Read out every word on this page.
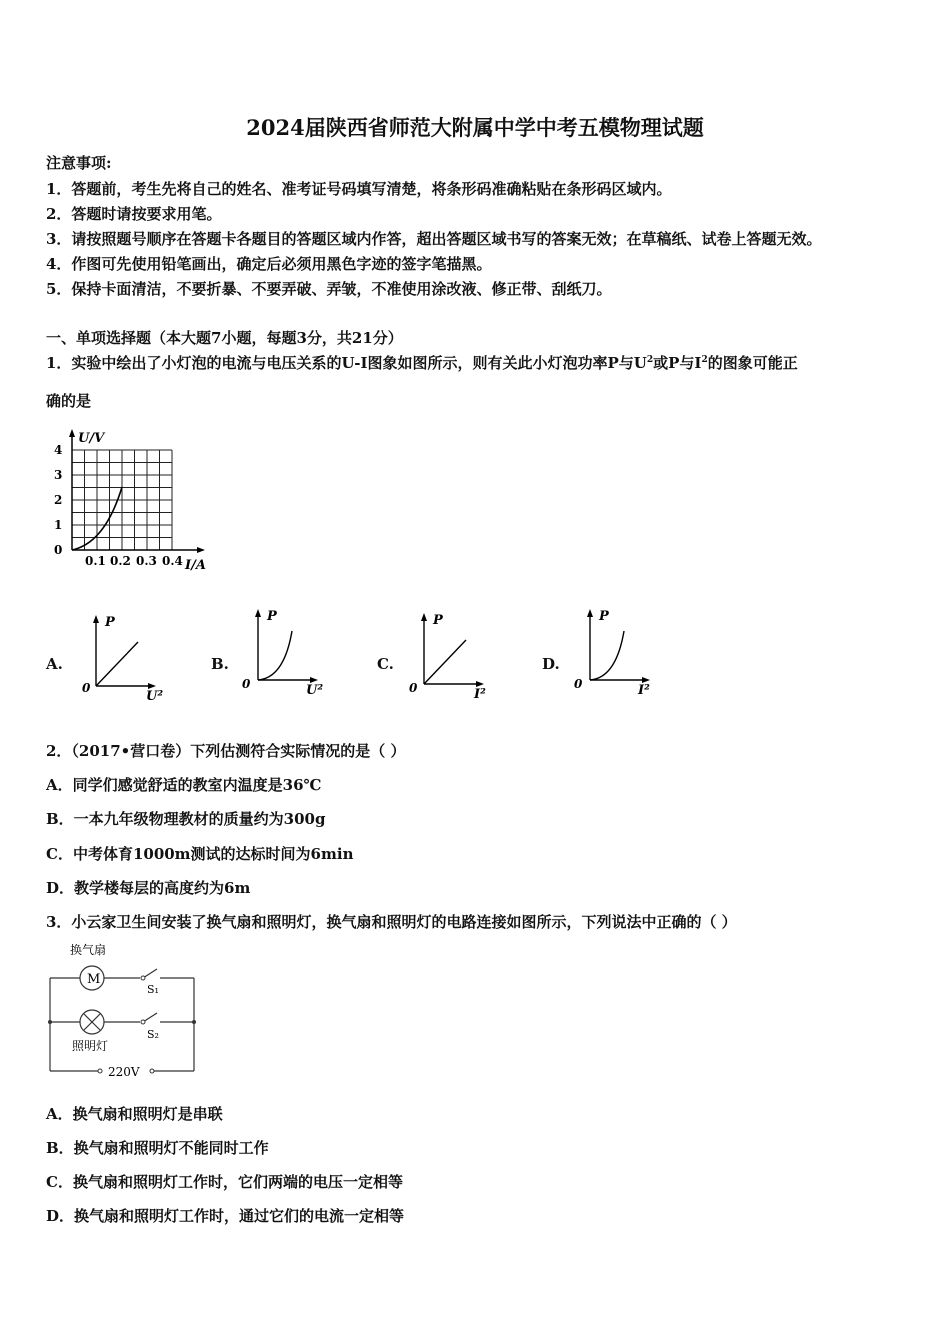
2024届陕西省师范大附属中学中考五模物理试题
注意事项:
1．答题前，考生先将自己的姓名、准考证号码填写清楚，将条形码准确粘贴在条形码区域内。
2．答题时请按要求用笔。
3．请按照题号顺序在答题卡各题目的答题区域内作答，超出答题区域书写的答案无效；在草稿纸、试卷上答题无效。
4．作图可先使用铅笔画出，确定后必须用黑色字迹的签字笔描黑。
5．保持卡面清洁，不要折暴、不要弄破、弄皱，不准使用涂改液、修正带、刮纸刀。
一、单项选择题（本大题7小题，每题3分，共21分）
1．实验中绘出了小灯泡的电流与电压关系的U-I图象如图所示，则有关此小灯泡功率P与$U^2$或P与$I^2$的图象可能正
确的是
U/V
I/A
4
3
2
1
0
0.1 0.2 0.3 0.4
A.
P
0
U²
B.
P
0	U²
C.
P
0	I²
D.
P
0	I²
2．（2017•营口卷）下列估测符合实际情况的是（ ）
A．同学们感觉舒适的教室内温度是36℃
B．一本九年级物理教材的质量约为300g
C．中考体育1000m测试的达标时间为6min
D．教学楼每层的高度约为6m
3．小云家卫生间安装了换气扇和照明灯，换气扇和照明灯的电路连接如图所示，下列说法中正确的（ ）
换气扇
M
S₁
S₂
照明灯
220V
A．换气扇和照明灯是串联
B．换气扇和照明灯不能同时工作
C．换气扇和照明灯工作时，它们两端的电压一定相等
D．换气扇和照明灯工作时，通过它们的电流一定相等
